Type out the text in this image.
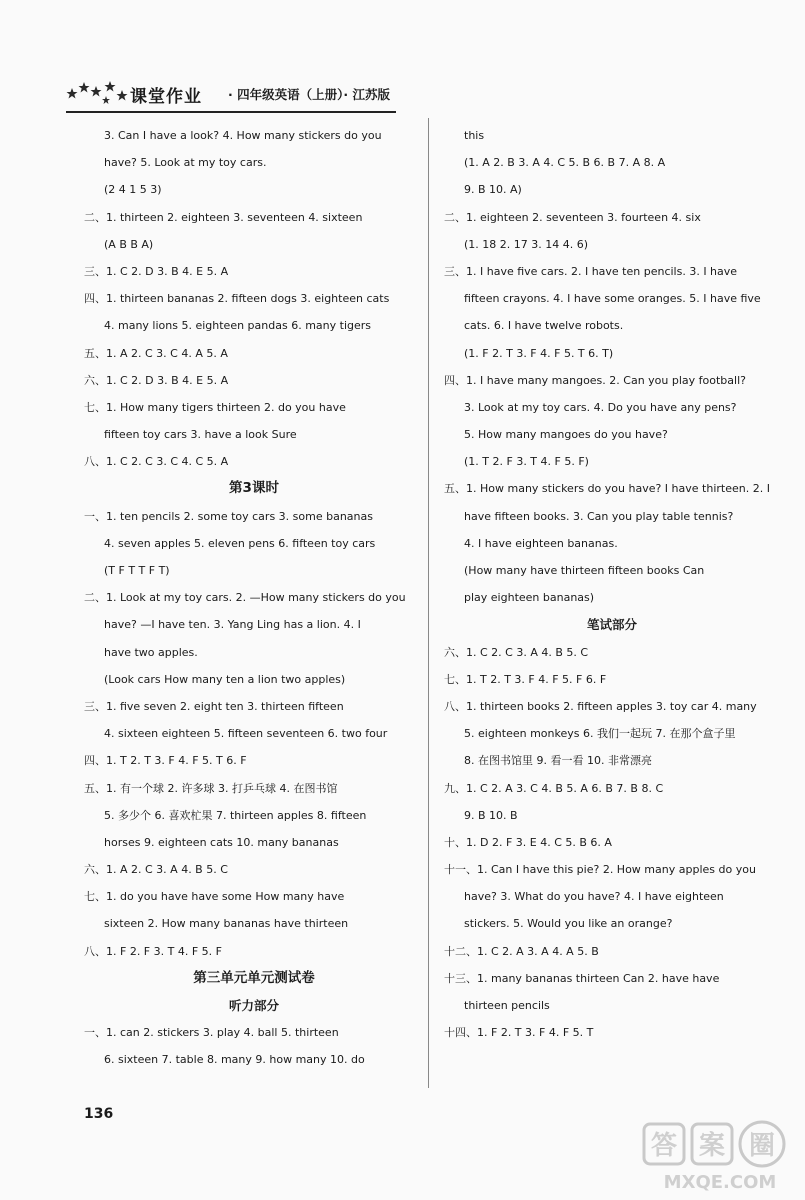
课堂作业 · 四年级英语（上册）· 江苏版
3. Can I have a look? 4. How many stickers do you
have? 5. Look at my toy cars.
(2 4 1 5 3)
二、1. thirteen 2. eighteen 3. seventeen 4. sixteen
(A B B A)
三、1. C 2. D 3. B 4. E 5. A
四、1. thirteen bananas 2. fifteen dogs 3. eighteen cats
4. many lions 5. eighteen pandas 6. many tigers
五、1. A 2. C 3. C 4. A 5. A
六、1. C 2. D 3. B 4. E 5. A
七、1. How many tigers thirteen 2. do you have
fifteen toy cars 3. have a look Sure
八、1. C 2. C 3. C 4. C 5. A
第3课时
一、1. ten pencils 2. some toy cars 3. some bananas
4. seven apples 5. eleven pens 6. fifteen toy cars
(T F T T F T)
二、1. Look at my toy cars. 2. —How many stickers do you
have? —I have ten. 3. Yang Ling has a lion. 4. I
have two apples.
(Look cars How many ten a lion two apples)
三、1. five seven 2. eight ten 3. thirteen fifteen
4. sixteen eighteen 5. fifteen seventeen 6. two four
四、1. T 2. T 3. F 4. F 5. T 6. F
五、1. 有一个球 2. 许多球 3. 打乒乓球 4. 在图书馆
5. 多少个 6. 喜欢杧果 7. thirteen apples 8. fifteen
horses 9. eighteen cats 10. many bananas
六、1. A 2. C 3. A 4. B 5. C
七、1. do you have have some How many have
sixteen 2. How many bananas have thirteen
八、1. F 2. F 3. T 4. F 5. F
第三单元单元测试卷
听力部分
一、1. can 2. stickers 3. play 4. ball 5. thirteen
6. sixteen 7. table 8. many 9. how many 10. do
this
(1. A 2. B 3. A 4. C 5. B 6. B 7. A 8. A
9. B 10. A)
二、1. eighteen 2. seventeen 3. fourteen 4. six
(1. 18 2. 17 3. 14 4. 6)
三、1. I have five cars. 2. I have ten pencils. 3. I have
fifteen crayons. 4. I have some oranges. 5. I have five
cats. 6. I have twelve robots.
(1. F 2. T 3. F 4. F 5. T 6. T)
四、1. I have many mangoes. 2. Can you play football?
3. Look at my toy cars. 4. Do you have any pens?
5. How many mangoes do you have?
(1. T 2. F 3. T 4. F 5. F)
五、1. How many stickers do you have? I have thirteen. 2. I
have fifteen books. 3. Can you play table tennis?
4. I have eighteen bananas.
(How many have thirteen fifteen books Can
play eighteen bananas)
笔试部分
六、1. C 2. C 3. A 4. B 5. C
七、1. T 2. T 3. F 4. F 5. F 6. F
八、1. thirteen books 2. fifteen apples 3. toy car 4. many
5. eighteen monkeys 6. 我们一起玩 7. 在那个盒子里
8. 在图书馆里 9. 看一看 10. 非常漂亮
九、1. C 2. A 3. C 4. B 5. A 6. B 7. B 8. C
9. B 10. B
十、1. D 2. F 3. E 4. C 5. B 6. A
十一、1. Can I have this pie? 2. How many apples do you
have? 3. What do you have? 4. I have eighteen
stickers. 5. Would you like an orange?
十二、1. C 2. A 3. A 4. A 5. B
十三、1. many bananas thirteen Can 2. have have
thirteen pencils
十四、1. F 2. T 3. F 4. F 5. T
136
答 案 圈
MXQE.COM
